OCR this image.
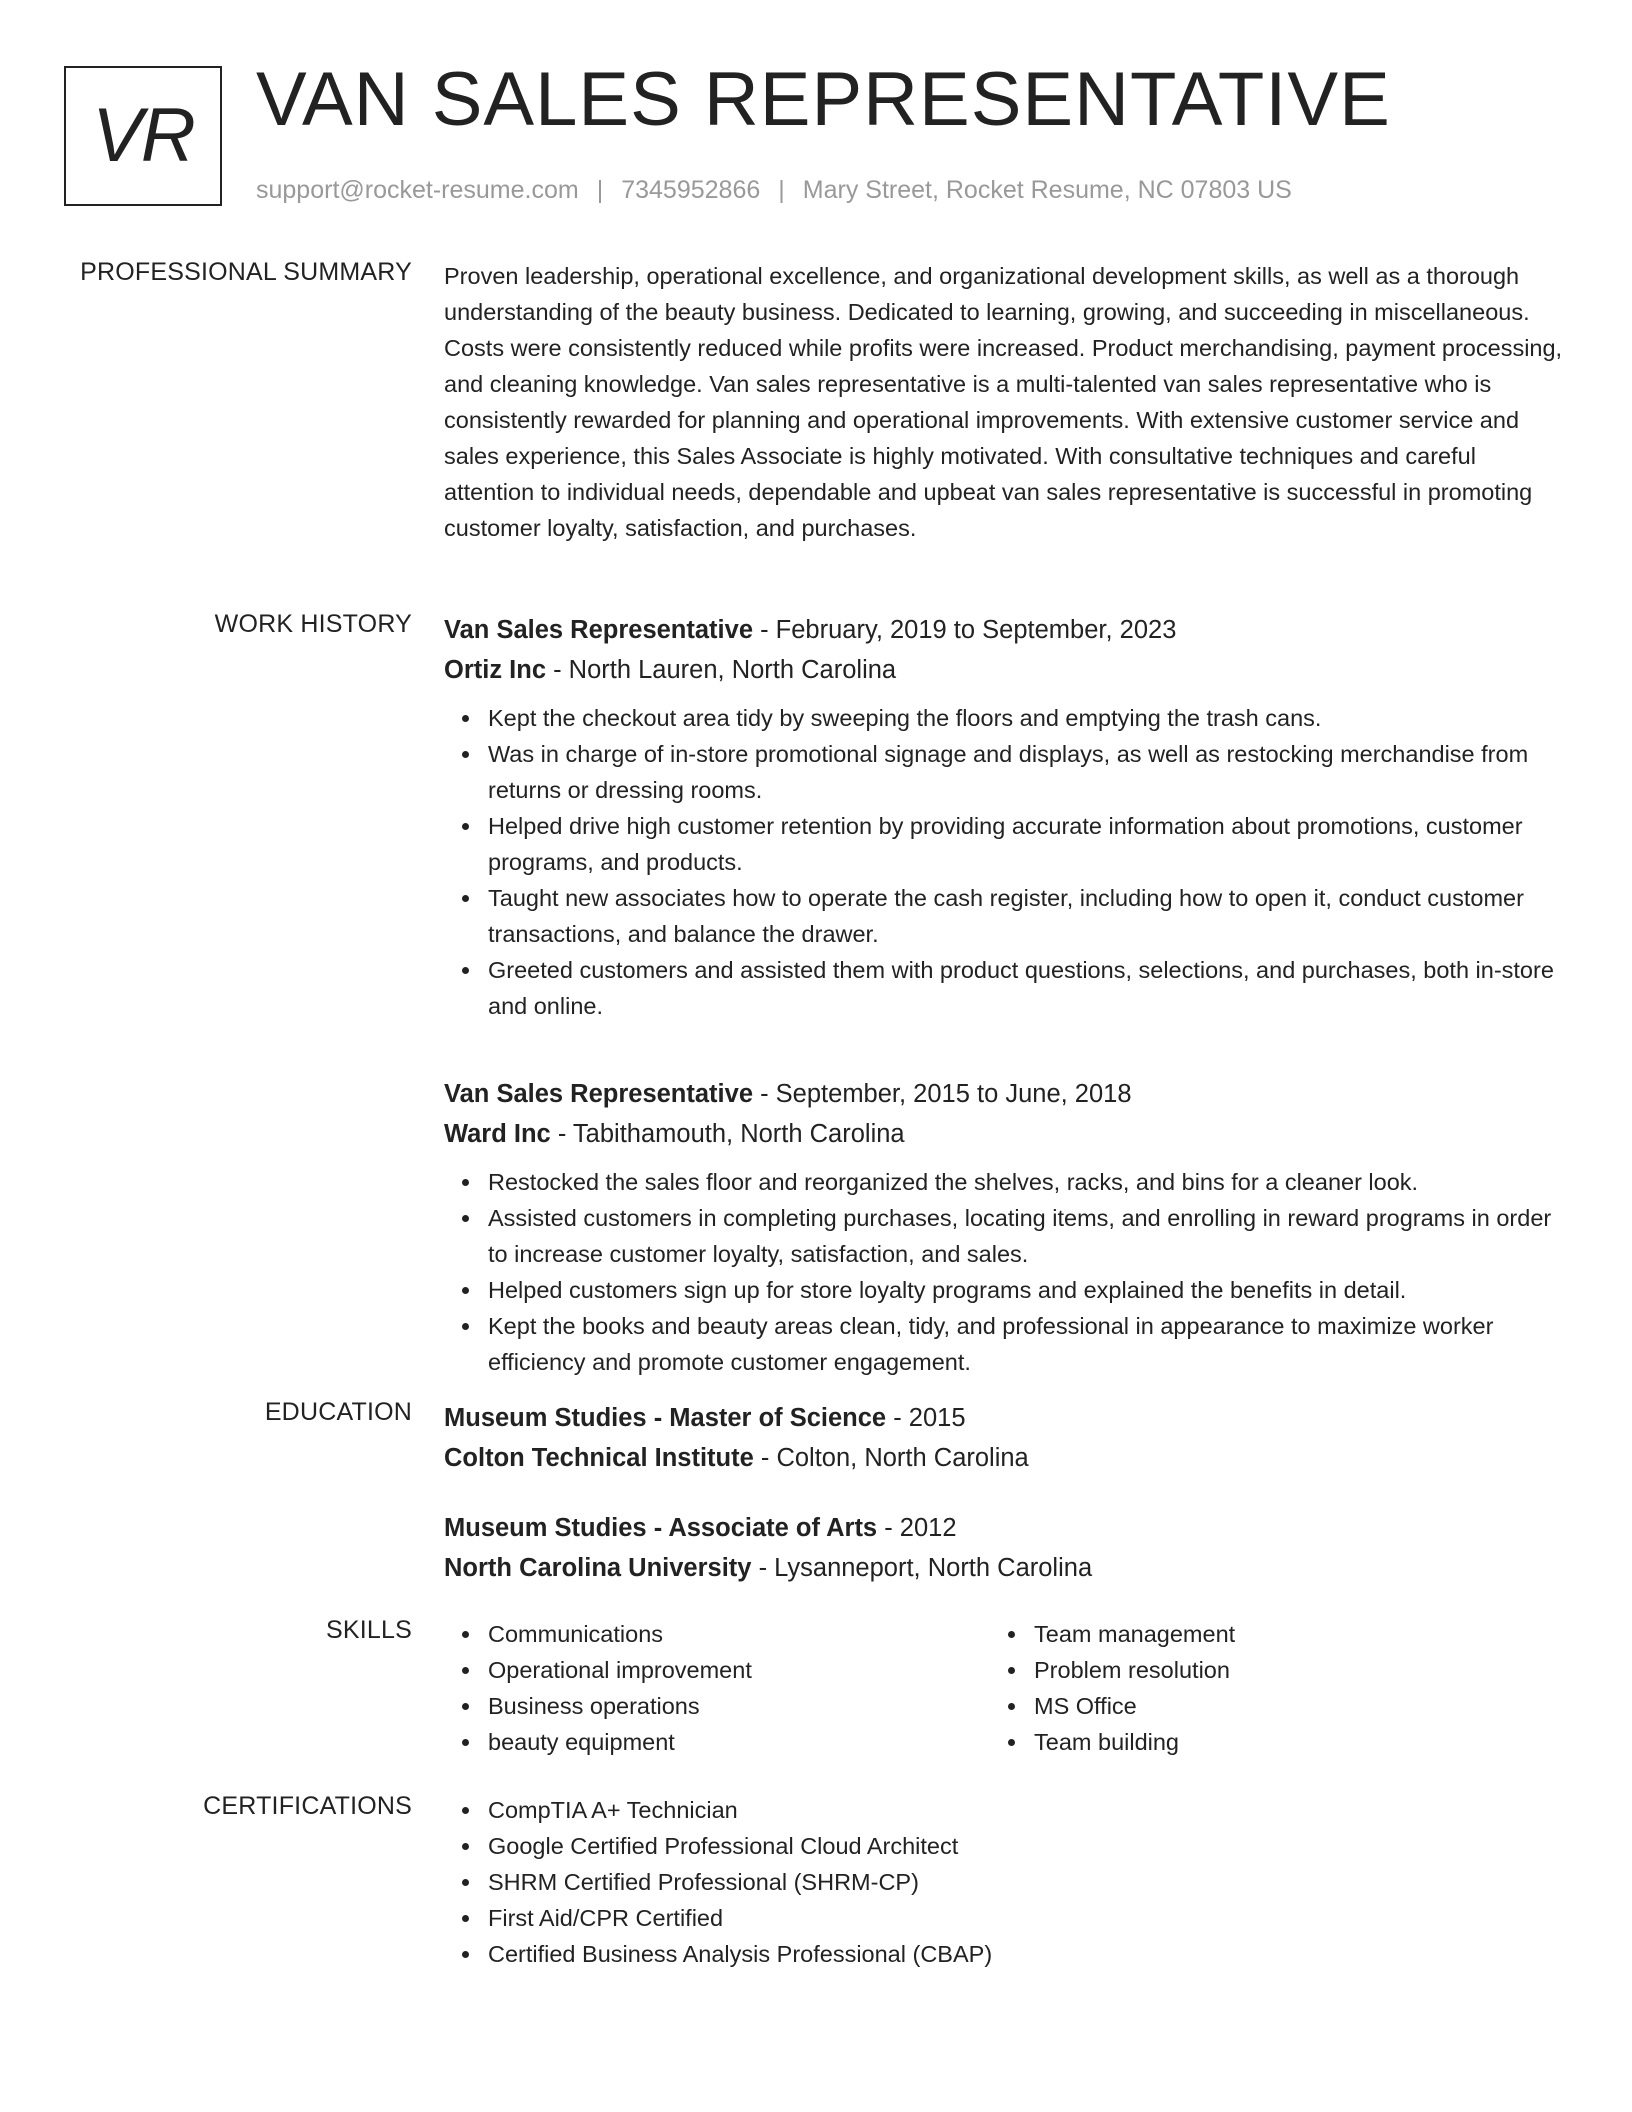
VR VAN SALES REPRESENTATIVE
support@rocket-resume.com | 7345952866 | Mary Street, Rocket Resume, NC 07803 US
PROFESSIONAL SUMMARY Proven leadership, operational excellence, and organizational development skills, as well as a thorough understanding of the beauty business. Dedicated to learning, growing, and succeeding in miscellaneous. Costs were consistently reduced while profits were increased. Product merchandising, payment processing, and cleaning knowledge. Van sales representative is a multi-talented van sales representative who is consistently rewarded for planning and operational improvements. With extensive customer service and sales experience, this Sales Associate is highly motivated. With consultative techniques and careful attention to individual needs, dependable and upbeat van sales representative is successful in promoting customer loyalty, satisfaction, and purchases.

WORK HISTORY Van Sales Representative - February, 2019 to September, 2023
Ortiz Inc - North Lauren, North Carolina
Kept the checkout area tidy by sweeping the floors and emptying the trash cans.
Was in charge of in-store promotional signage and displays, as well as restocking merchandise from returns or dressing rooms.
Helped drive high customer retention by providing accurate information about promotions, customer programs, and products.
Taught new associates how to operate the cash register, including how to open it, conduct customer transactions, and balance the drawer.
Greeted customers and assisted them with product questions, selections, and purchases, both in-store and online.
Van Sales Representative - September, 2015 to June, 2018
Ward Inc - Tabithamouth, North Carolina
Restocked the sales floor and reorganized the shelves, racks, and bins for a cleaner look.
Assisted customers in completing purchases, locating items, and enrolling in reward programs in order to increase customer loyalty, satisfaction, and sales.
Helped customers sign up for store loyalty programs and explained the benefits in detail.
Kept the books and beauty areas clean, tidy, and professional in appearance to maximize worker efficiency and promote customer engagement.
EDUCATION Museum Studies - Master of Science - 2015
Colton Technical Institute - Colton, North Carolina
Museum Studies - Associate of Arts - 2012
North Carolina University - Lysanneport, North Carolina
SKILLS	Communications
Operational improvement
Business operations
beauty equipment
Team management
Problem resolution
MS Office
Team building
CERTIFICATIONS	CompTIA A+ Technician
Google Certified Professional Cloud Architect
SHRM Certified Professional (SHRM-CP)
First Aid/CPR Certified
Certified Business Analysis Professional (CBAP)
